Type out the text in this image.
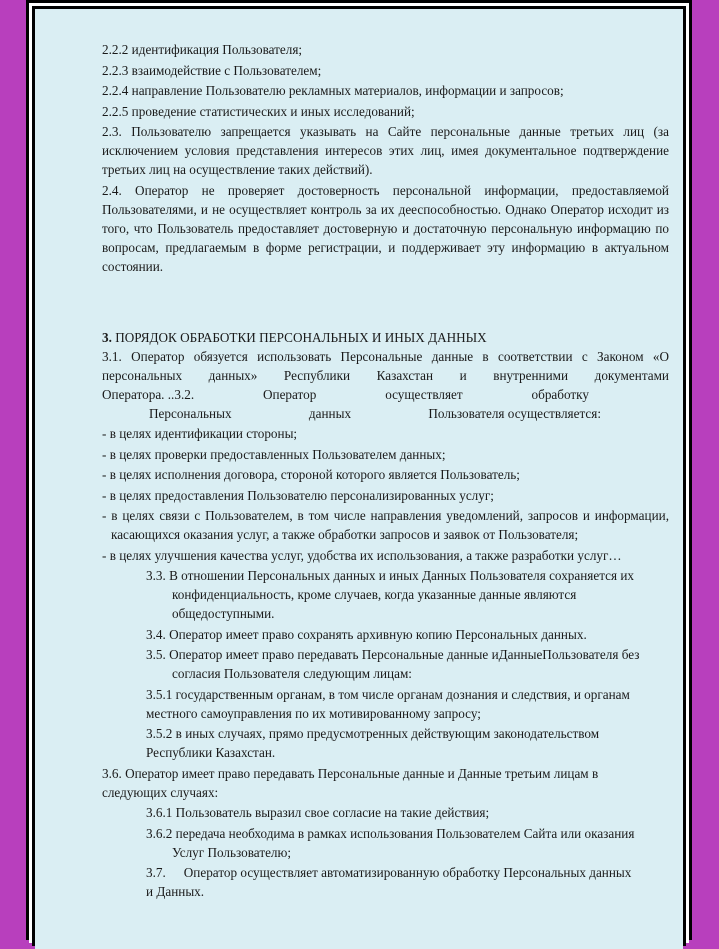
2.2.2 идентификация Пользователя;

2.2.3 взаимодействие с Пользователем;

2.2.4 направление Пользователю рекламных материалов, информации и запросов;

2.2.5 проведение статистических и иных исследований;

2.3. Пользователю запрещается указывать на Сайте персональные данные третьих лиц (за исключением условия представления интересов этих лиц, имея документальное подтверждение третьих лиц на осуществление таких действий).

2.4. Оператор не проверяет достоверность персональной информации, предоставляемой Пользователями, и не осуществляет контроль за их дееспособностью. Однако Оператор исходит из того, что Пользователь предоставляет достоверную и достаточную персональную информацию по вопросам, предлагаемым в форме регистрации, и поддерживает эту информацию в актуальном состоянии.

3. ПОРЯДОК ОБРАБОТКИ ПЕРСОНАЛЬНЫХ И ИНЫХ ДАННЫХ

3.1. Оператор обязуется использовать Персональные данные в соответствии с Законом «О персональных данных» Республики Казахстан и внутренними документами

Оператора. ..3.2.	Оператор	осуществляет	обработку
Персональных	данных	Пользователя осуществляется:

- в целях идентификации стороны;

- в целях проверки предоставленных Пользователем данных;

- в целях исполнения договора, стороной которого является Пользователь;

- в целях предоставления Пользователю персонализированных услуг;

- в целях связи с Пользователем, в том числе направления уведомлений, запросов и информации, касающихся оказания услуг, а также обработки запросов и заявок от Пользователя;

- в целях улучшения качества услуг, удобства их использования, а также разработки услуг…

3.3. В отношении Персональных данных и иных Данных Пользователя сохраняется их конфиденциальность, кроме случаев, когда указанные данные являются общедоступными.

3.4. Оператор имеет право сохранять архивную копию Персональных данных.

3.5. Оператор имеет право передавать Персональные данные иДанныеПользователя без согласия Пользователя следующим лицам:

3.5.1 государственным органам, в том числе органам дознания и следствия, и органам местного самоуправления по их мотивированному запросу;

3.5.2 в иных случаях, прямо предусмотренных действующим законодательством Республики Казахстан.

3.6. Оператор имеет право передавать Персональные данные и Данные третьим лицам в следующих случаях:

3.6.1 Пользователь выразил свое согласие на такие действия;

3.6.2 передача необходима в рамках использования Пользователем Сайта или оказания Услуг Пользователю;

3.7. Оператор осуществляет автоматизированную обработку Персональных данных и Данных.
